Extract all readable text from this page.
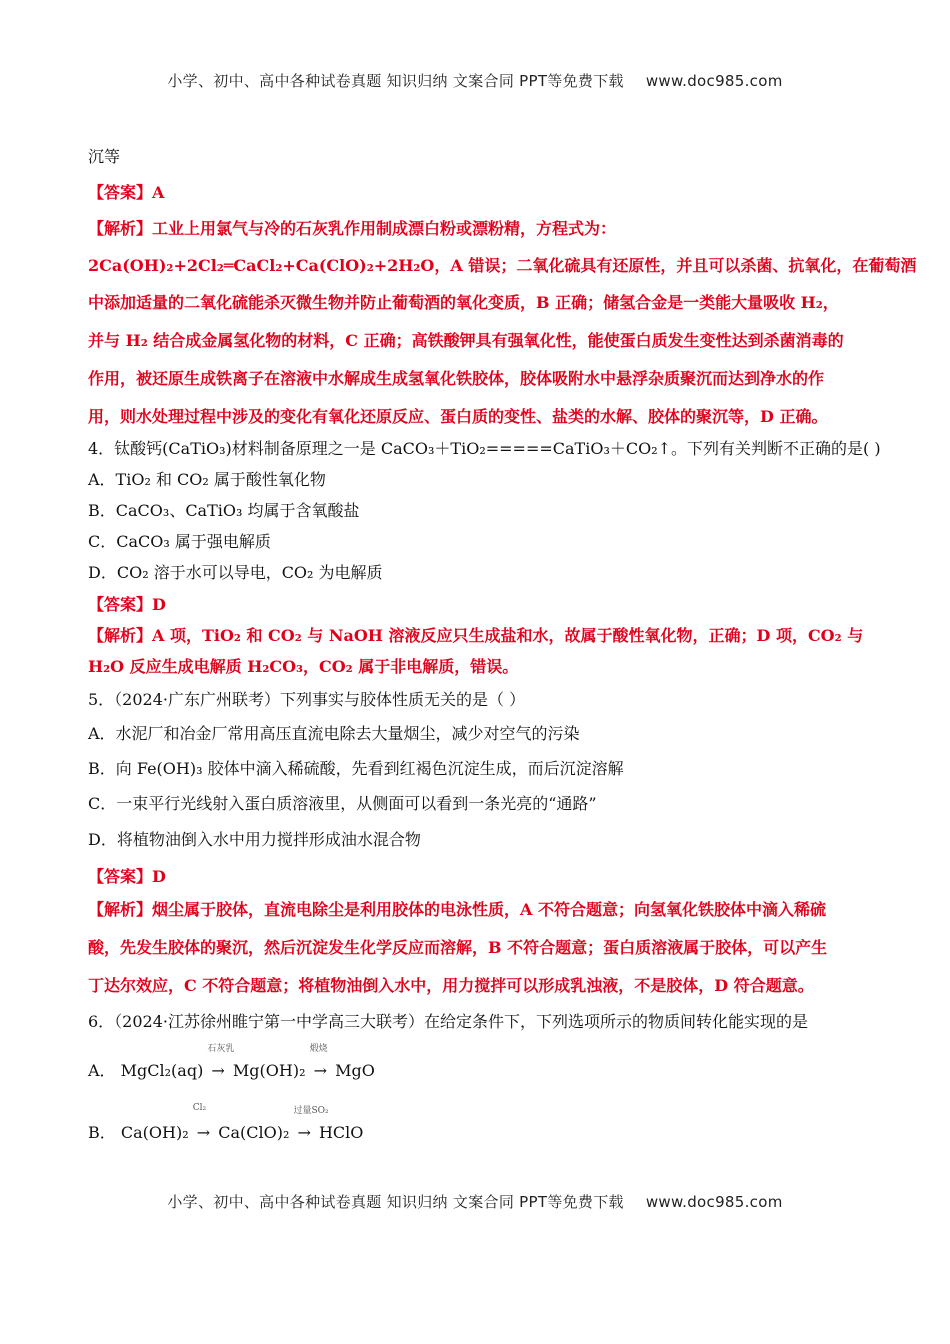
小学、初中、高中各种试卷真题 知识归纳 文案合同 PPT等免费下载 www.doc985.com
沉等
【答案】A
【解析】工业上用氯气与冷的石灰乳作用制成漂白粉或漂粉精，方程式为：
2Ca(OH)₂+2Cl₂═CaCl₂+Ca(ClO)₂+2H₂O，A 错误；二氧化硫具有还原性，并且可以杀菌、抗氧化，在葡萄酒
中添加适量的二氧化硫能杀灭微生物并防止葡萄酒的氧化变质，B 正确；储氢合金是一类能大量吸收 H₂，
并与 H₂ 结合成金属氢化物的材料，C 正确；高铁酸钾具有强氧化性，能使蛋白质发生变性达到杀菌消毒的
作用，被还原生成铁离子在溶液中水解成生成氢氧化铁胶体，胶体吸附水中悬浮杂质聚沉而达到净水的作
用，则水处理过程中涉及的变化有氧化还原反应、蛋白质的变性、盐类的水解、胶体的聚沉等，D 正确。
4．钛酸钙(CaTiO₃)材料制备原理之一是 CaCO₃＋TiO₂=====CaTiO₃＋CO₂↑。下列有关判断不正确的是( )
A．TiO₂ 和 CO₂ 属于酸性氧化物
B．CaCO₃、CaTiO₃ 均属于含氧酸盐
C．CaCO₃ 属于强电解质
D．CO₂ 溶于水可以导电，CO₂ 为电解质
【答案】D
【解析】A 项，TiO₂ 和 CO₂ 与 NaOH 溶液反应只生成盐和水，故属于酸性氧化物，正确；D 项，CO₂ 与
H₂O 反应生成电解质 H₂CO₃，CO₂ 属于非电解质，错误。
5．（2024·广东广州联考）下列事实与胶体性质无关的是（ ）
A．水泥厂和冶金厂常用高压直流电除去大量烟尘，减少对空气的污染
B．向 Fe(OH)₃ 胶体中滴入稀硫酸，先看到红褐色沉淀生成，而后沉淀溶解
C．一束平行光线射入蛋白质溶液里，从侧面可以看到一条光亮的“通路”
D．将植物油倒入水中用力搅拌形成油水混合物
【答案】D
【解析】烟尘属于胶体，直流电除尘是利用胶体的电泳性质，A 不符合题意；向氢氧化铁胶体中滴入稀硫
酸，先发生胶体的聚沉，然后沉淀发生化学反应而溶解，B 不符合题意；蛋白质溶液属于胶体，可以产生
丁达尔效应，C 不符合题意；将植物油倒入水中，用力搅拌可以形成乳浊液，不是胶体，D 符合题意。
6．（2024·江苏徐州睢宁第一中学高三大联考）在给定条件下，下列选项所示的物质间转化能实现的是
A． MgCl₂(aq)
石灰乳
→ Mg(OH)₂
煅烧
→ MgO
B． Ca(OH)₂
Cl₂
→ Ca(ClO)₂
过量SO₂
→ HClO
小学、初中、高中各种试卷真题 知识归纳 文案合同 PPT等免费下载 www.doc985.com
